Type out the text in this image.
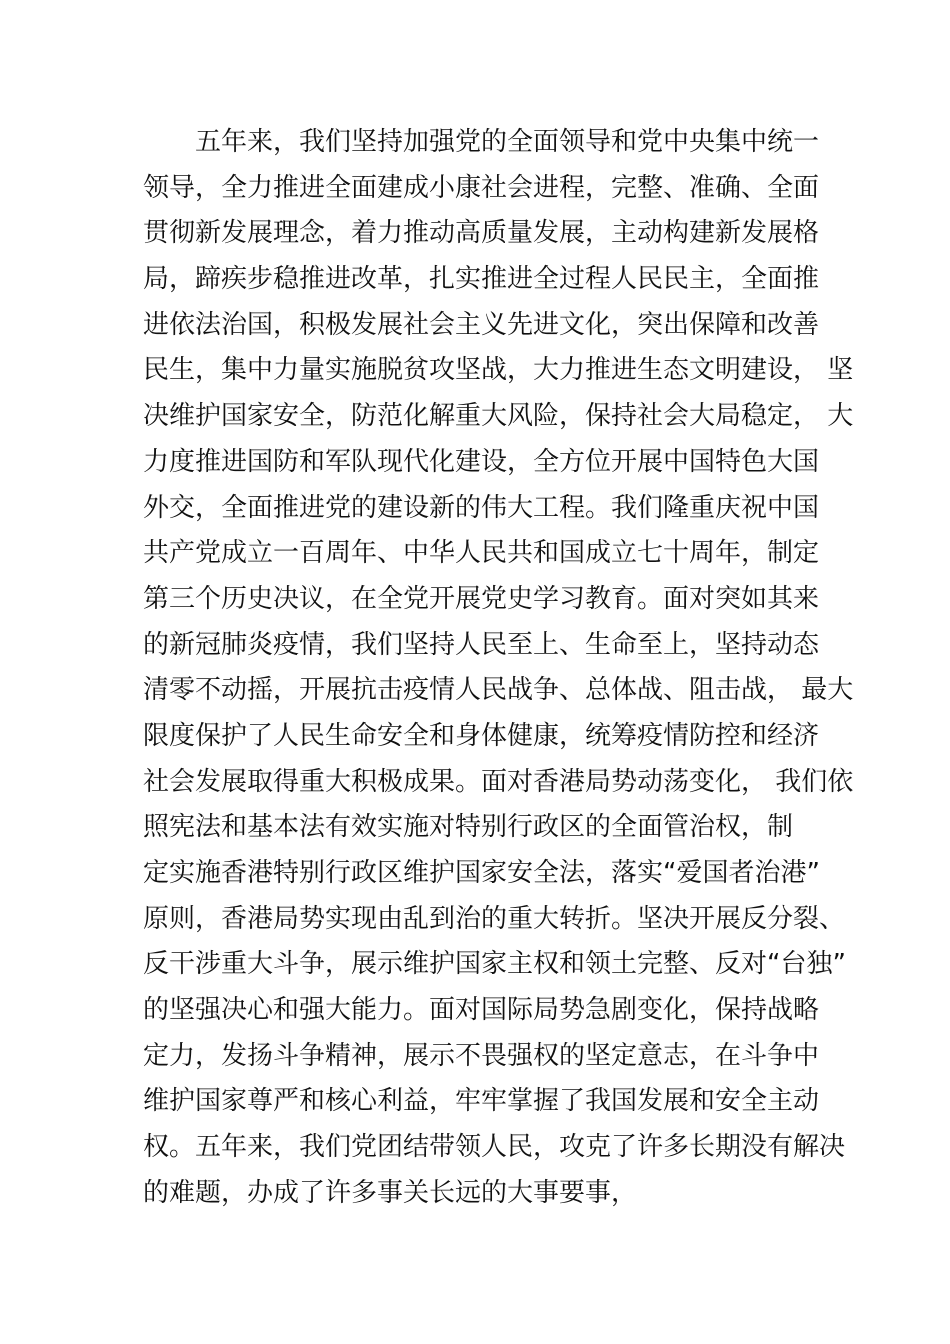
五年来，我们坚持加强党的全面领导和党中央集中统一
领导，全力推进全面建成小康社会进程，完整、准确、全面
贯彻新发展理念，着力推动高质量发展，主动构建新发展格
局，蹄疾步稳推进改革，扎实推进全过程人民民主，全面推
进依法治国，积极发展社会主义先进文化，突出保障和改善
民生，集中力量实施脱贫攻坚战，大力推进生态文明建设， 坚
决维护国家安全，防范化解重大风险，保持社会大局稳定， 大
力度推进国防和军队现代化建设，全方位开展中国特色大国
外交，全面推进党的建设新的伟大工程。我们隆重庆祝中国
共产党成立一百周年、中华人民共和国成立七十周年，制定
第三个历史决议，在全党开展党史学习教育。面对突如其来
的新冠肺炎疫情，我们坚持人民至上、生命至上，坚持动态
清零不动摇，开展抗击疫情人民战争、总体战、阻击战， 最大
限度保护了人民生命安全和身体健康，统筹疫情防控和经济
社会发展取得重大积极成果。面对香港局势动荡变化， 我们依
照宪法和基本法有效实施对特别行政区的全面管治权，制
定实施香港特别行政区维护国家安全法，落实“爱国者治港”
原则，香港局势实现由乱到治的重大转折。坚决开展反分裂、
反干涉重大斗争，展示维护国家主权和领土完整、反对“台独”
的坚强决心和强大能力。面对国际局势急剧变化，保持战略
定力，发扬斗争精神，展示不畏强权的坚定意志，在斗争中
维护国家尊严和核心利益，牢牢掌握了我国发展和安全主动
权。五年来，我们党团结带领人民，攻克了许多长期没有解决
的难题，办成了许多事关长远的大事要事，
